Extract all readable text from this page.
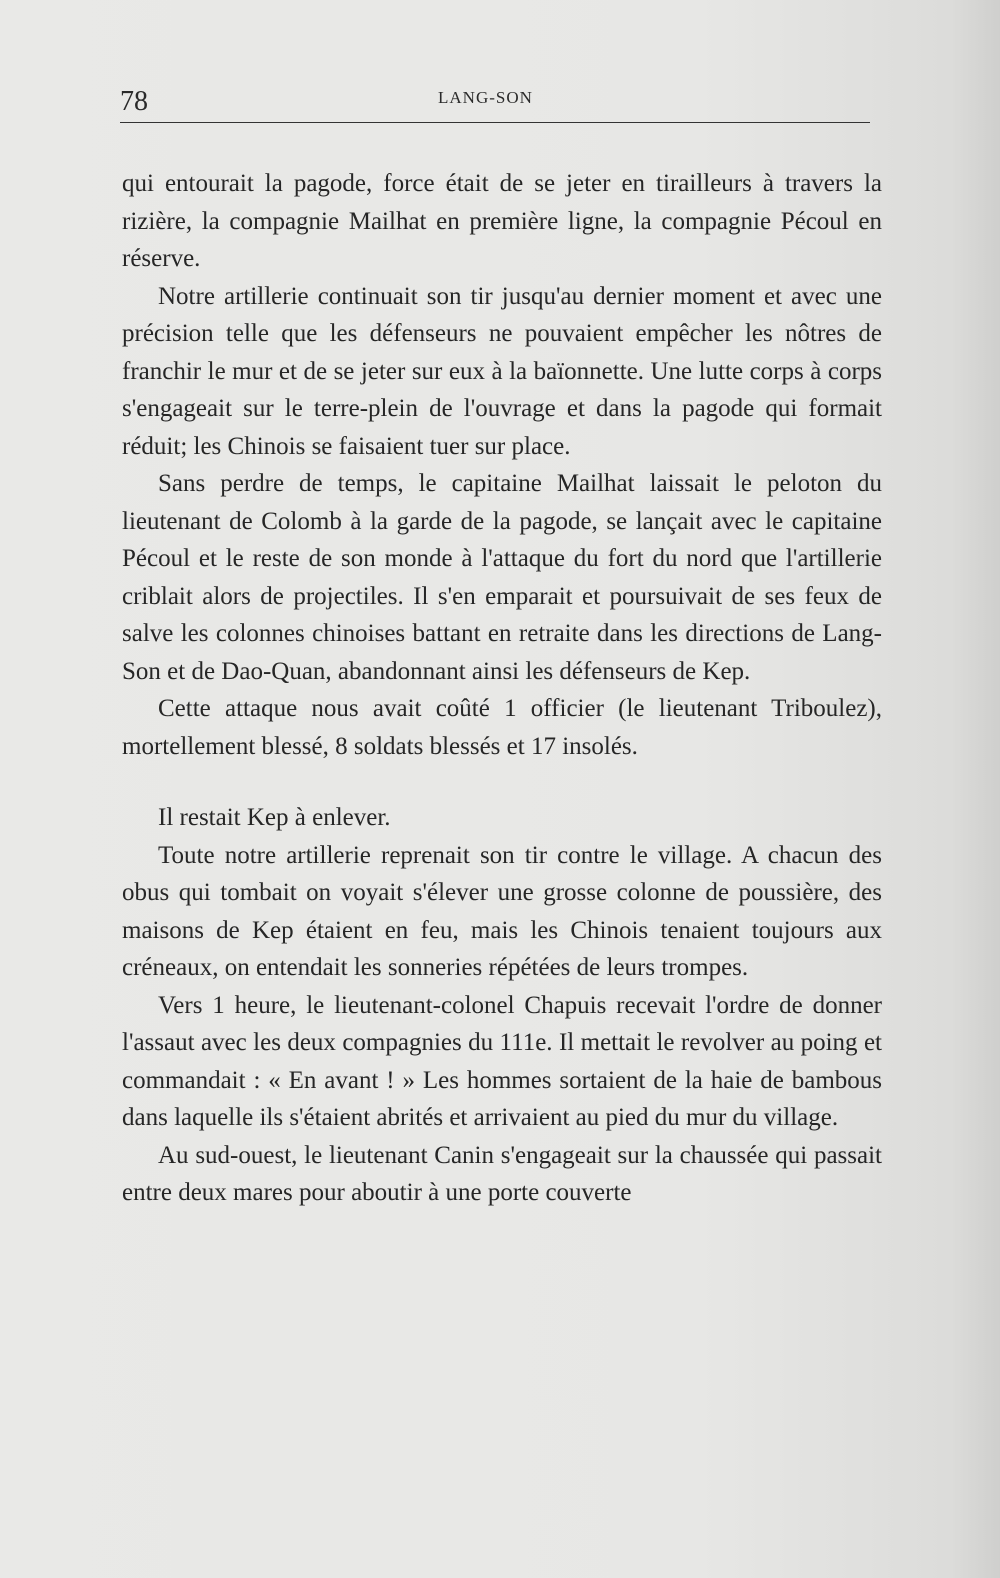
78	LANG-SON

qui entourait la pagode, force était de se jeter en tirailleurs à travers la rizière, la compagnie Mailhat en première ligne, la compagnie Pécoul en réserve.

Notre artillerie continuait son tir jusqu'au dernier moment et avec une précision telle que les défenseurs ne pouvaient empêcher les nôtres de franchir le mur et de se jeter sur eux à la baïonnette. Une lutte corps à corps s'engageait sur le terre-plein de l'ouvrage et dans la pagode qui formait réduit; les Chinois se faisaient tuer sur place.

Sans perdre de temps, le capitaine Mailhat laissait le peloton du lieutenant de Colomb à la garde de la pagode, se lançait avec le capitaine Pécoul et le reste de son monde à l'attaque du fort du nord que l'artillerie criblait alors de projectiles. Il s'en emparait et poursuivait de ses feux de salve les colonnes chinoises battant en retraite dans les directions de Lang-Son et de Dao-Quan, abandonnant ainsi les défenseurs de Kep.

Cette attaque nous avait coûté 1 officier (le lieutenant Triboulez), mortellement blessé, 8 soldats blessés et 17 insolés.

Il restait Kep à enlever.

Toute notre artillerie reprenait son tir contre le village. A chacun des obus qui tombait on voyait s'élever une grosse colonne de poussière, des maisons de Kep étaient en feu, mais les Chinois tenaient toujours aux créneaux, on entendait les sonneries répétées de leurs trompes.

Vers 1 heure, le lieutenant-colonel Chapuis recevait l'ordre de donner l'assaut avec les deux compagnies du 111e. Il mettait le revolver au poing et commandait : « En avant ! » Les hommes sortaient de la haie de bambous dans laquelle ils s'étaient abrités et arrivaient au pied du mur du village.

Au sud-ouest, le lieutenant Canin s'engageait sur la chaussée qui passait entre deux mares pour aboutir à une porte couverte
